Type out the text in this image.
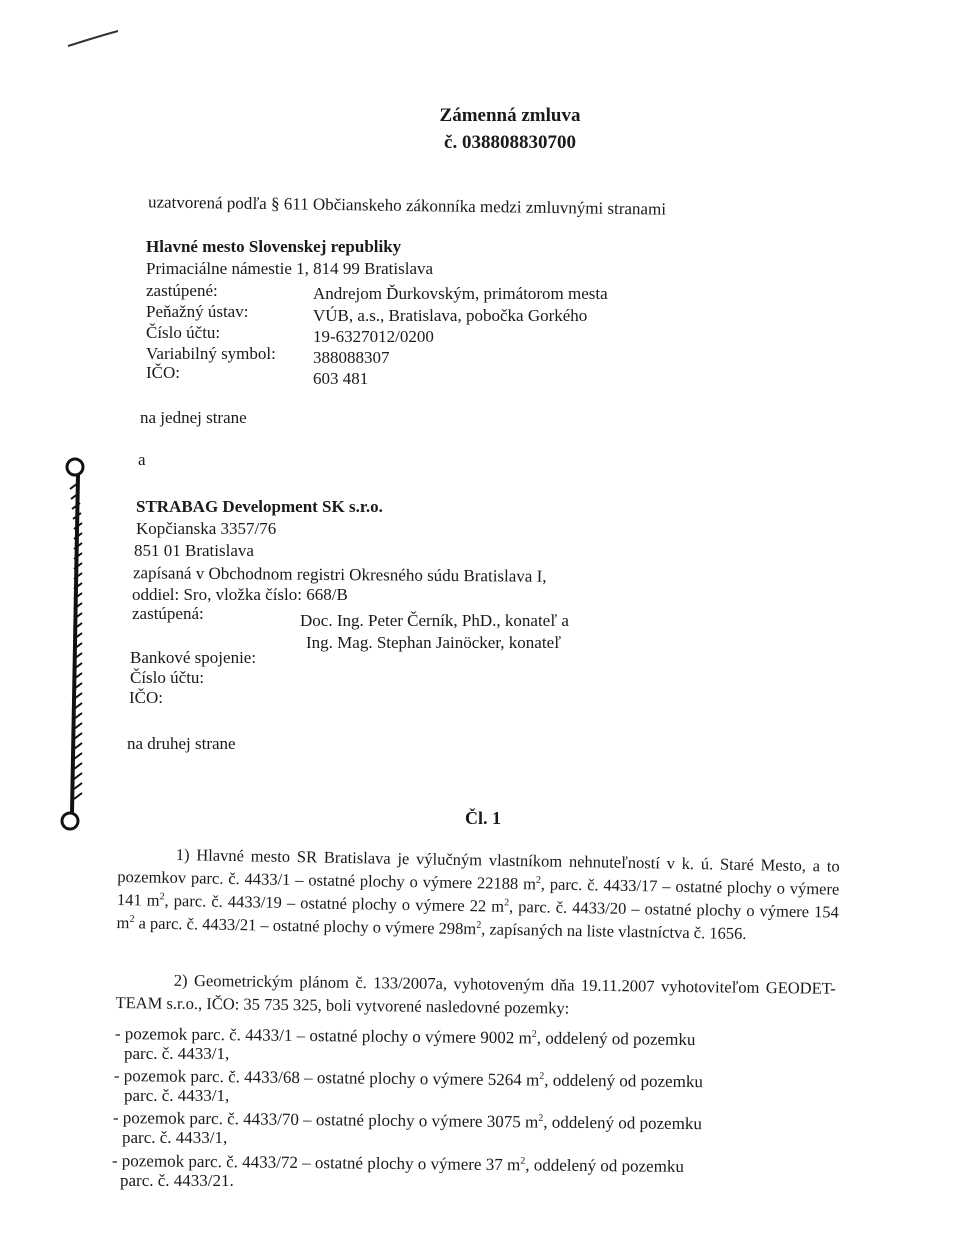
Zámenná zmluva
č. 038808830700
uzatvorená podľa § 611 Občianskeho zákonníka medzi zmluvnými stranami
Hlavné mesto Slovenskej republiky
Primaciálne námestie 1, 814 99 Bratislava
zastúpené:	Andrejom Ďurkovským, primátorom mesta
Peňažný ústav:	VÚB, a.s., Bratislava, pobočka Gorkého
Číslo účtu:	19-6327012/0200
Variabilný symbol: 388088307
IČO:	603 481
na jednej strane
a
STRABAG Development SK s.r.o.
Kopčianska 3357/76
851 01 Bratislava
zapísaná v Obchodnom registri Okresného súdu Bratislava I,
oddiel: Sro, vložka číslo: 668/B
zastúpená:	Doc. Ing. Peter Černík, PhD., konateľ a
Ing. Mag. Stephan Jainöcker, konateľ
Bankové spojenie:
Číslo účtu:
IČO:
na druhej strane
Čl. 1
1) Hlavné mesto SR Bratislava je výlučným vlastníkom nehnuteľností v k. ú. Staré Mesto, a to pozemkov parc. č. 4433/1 – ostatné plochy o výmere 22188 $m^2$, parc. č. 4433/17 – ostatné plochy o výmere 141 $m^2$, parc. č. 4433/19 – ostatné plochy o výmere 22 $m^2$, parc. č. 4433/20 – ostatné plochy o výmere 154 $m^2$ a parc. č. 4433/21 – ostatné plochy o výmere $298m^2$, zapísaných na liste vlastníctva č. 1656.
2) Geometrickým plánom č. 133/2007a, vyhotoveným dňa 19.11.2007 vyhotoviteľom GEODET-TEAM s.r.o., IČO: 35 735 325, boli vytvorené nasledovné pozemky:
- pozemok parc. č. 4433/1 – ostatné plochy o výmere 9002 $m^2$, oddelený od pozemku
parc. č. 4433/1,
- pozemok parc. č. 4433/68 – ostatné plochy o výmere 5264 $m^2$, oddelený od pozemku
parc. č. 4433/1,
- pozemok parc. č. 4433/70 – ostatné plochy o výmere 3075 $m^2$, oddelený od pozemku
parc. č. 4433/1,
- pozemok parc. č. 4433/72 – ostatné plochy o výmere 37 $m^2$, oddelený od pozemku
parc. č. 4433/21.
